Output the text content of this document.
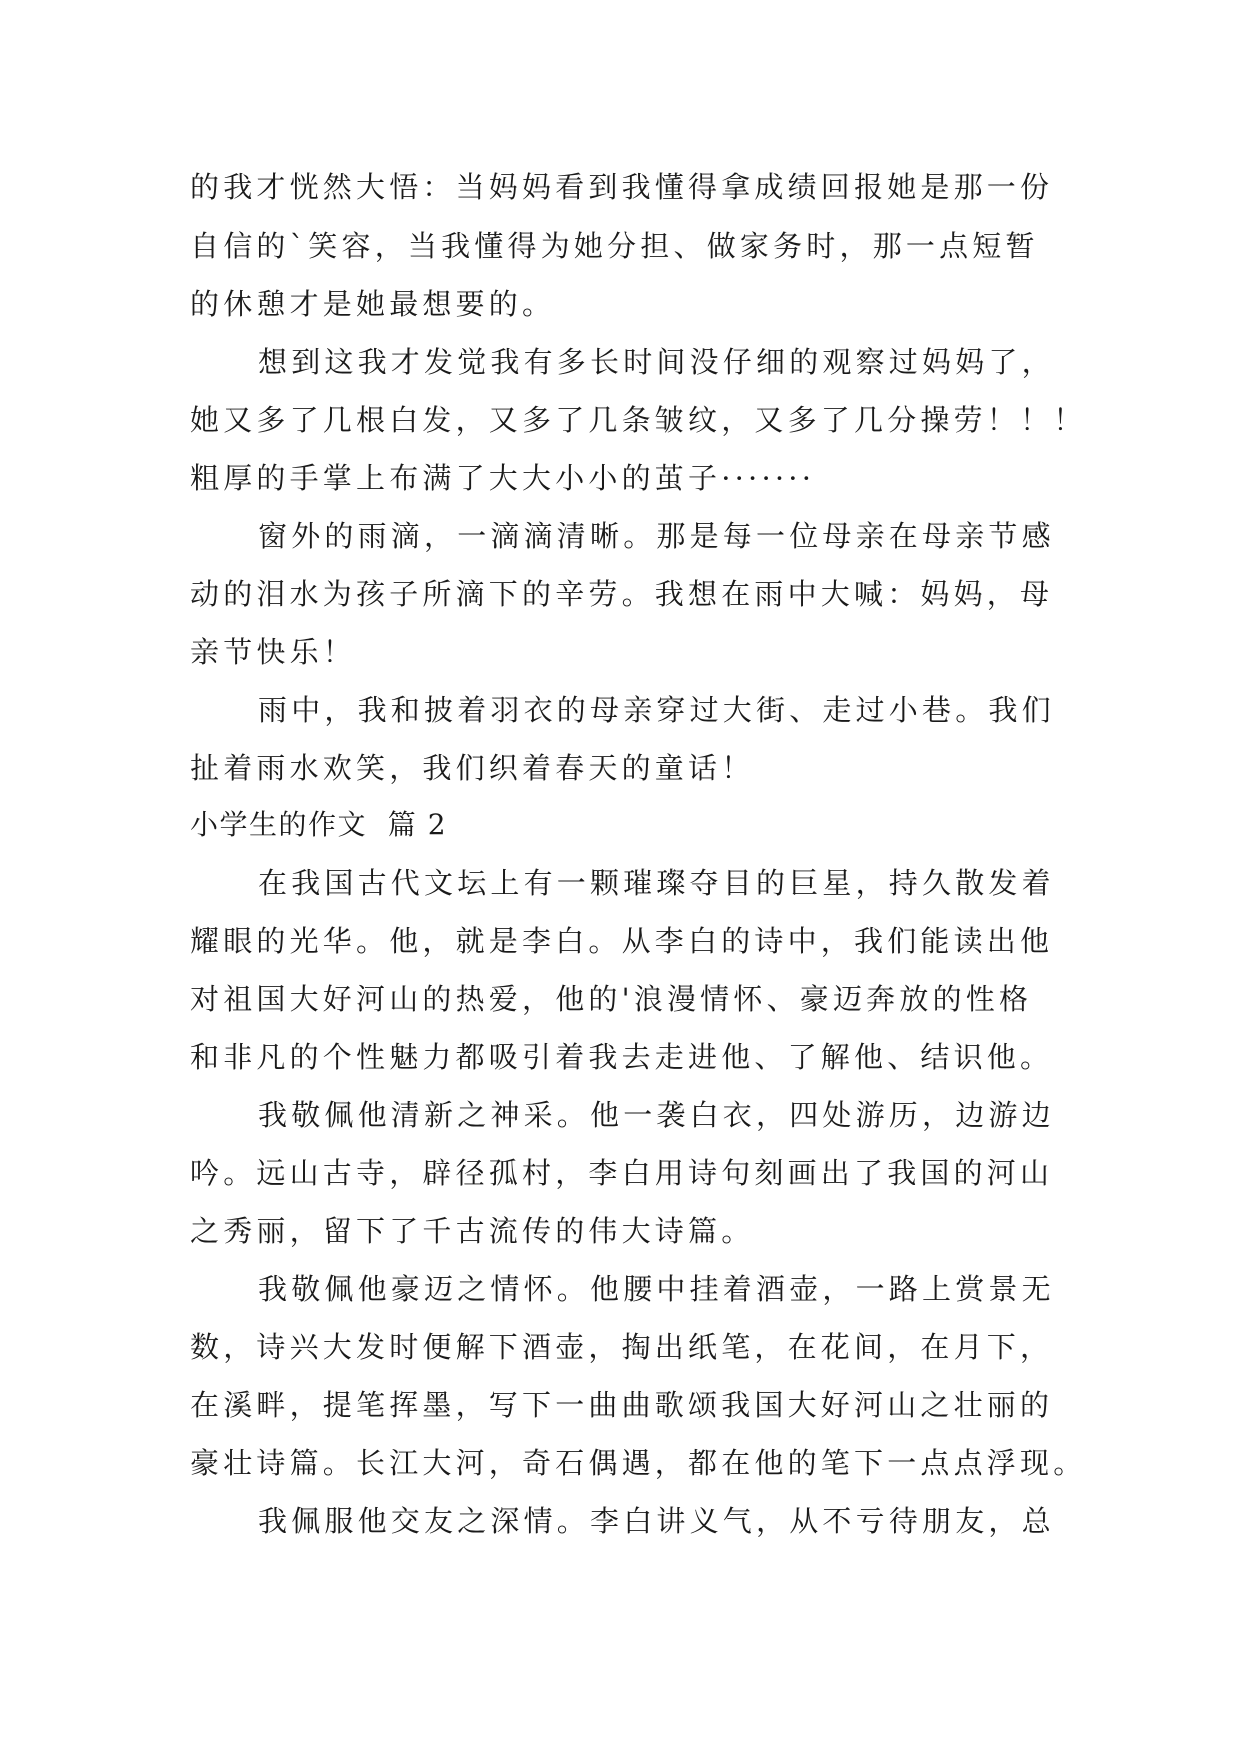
的我才恍然大悟：当妈妈看到我懂得拿成绩回报她是那一份
自信的`笑容，当我懂得为她分担、做家务时，那一点短暂
的休憩才是她最想要的。
想到这我才发觉我有多长时间没仔细的观察过妈妈了，
她又多了几根白发，又多了几条皱纹，又多了几分操劳！！！
粗厚的手掌上布满了大大小小的茧子·······
窗外的雨滴，一滴滴清晰。那是每一位母亲在母亲节感
动的泪水为孩子所滴下的辛劳。我想在雨中大喊：妈妈，母
亲节快乐！
雨中，我和披着羽衣的母亲穿过大街、走过小巷。我们
扯着雨水欢笑，我们织着春天的童话！
小学生的作文  篇 2
在我国古代文坛上有一颗璀璨夺目的巨星，持久散发着
耀眼的光华。他，就是李白。从李白的诗中，我们能读出他
对祖国大好河山的热爱，他的'浪漫情怀、豪迈奔放的性格
和非凡的个性魅力都吸引着我去走进他、了解他、结识他。
我敬佩他清新之神采。他一袭白衣，四处游历，边游边
吟。远山古寺，辟径孤村，李白用诗句刻画出了我国的河山
之秀丽，留下了千古流传的伟大诗篇。
我敬佩他豪迈之情怀。他腰中挂着酒壶，一路上赏景无
数，诗兴大发时便解下酒壶，掏出纸笔，在花间，在月下，
在溪畔，提笔挥墨，写下一曲曲歌颂我国大好河山之壮丽的
豪壮诗篇。长江大河，奇石偶遇，都在他的笔下一点点浮现。
我佩服他交友之深情。李白讲义气，从不亏待朋友，总
